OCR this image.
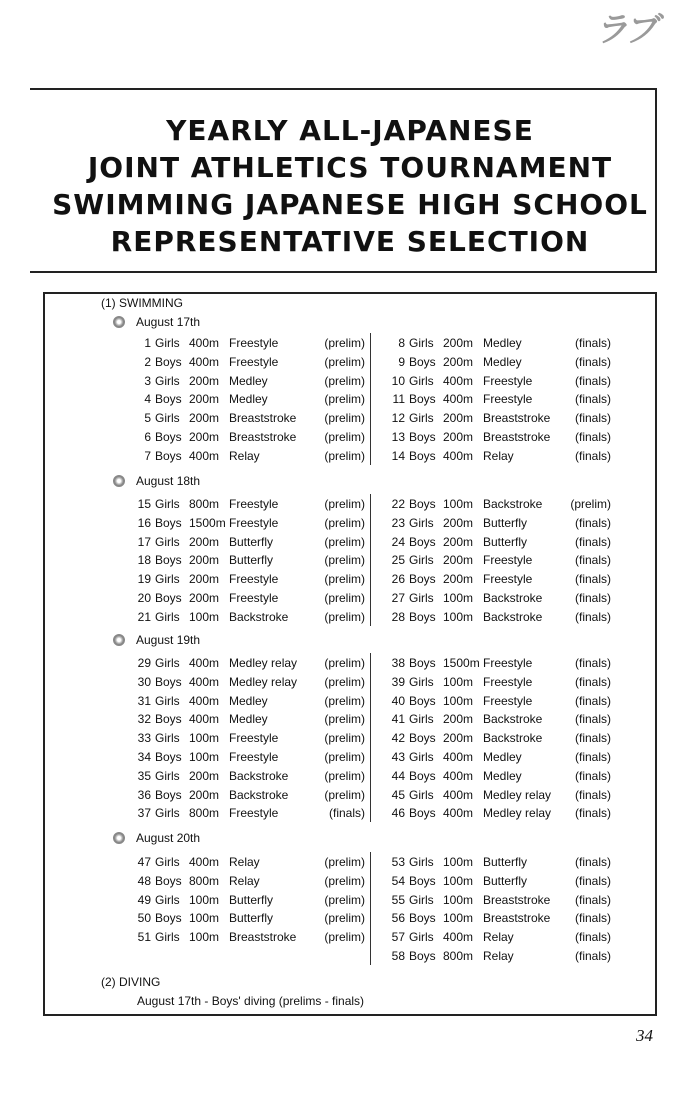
ラブ
YEARLY ALL-JAPANESE
JOINT ATHLETICS TOURNAMENT
SWIMMING JAPANESE HIGH SCHOOL
REPRESENTATIVE SELECTION
(1) SWIMMING
August 17th
1 Girls 400m Freestyle	(prelim)
2 Boys 400m Freestyle	(prelim)
3 Girls 200m Medley	(prelim)
4 Boys 200m Medley	(prelim)
5 Girls 200m Breaststroke	(prelim)
6 Boys 200m Breaststroke	(prelim)
7 Boys 400m Relay	(prelim)
8 Girls 200m Medley	(finals)
9 Boys 200m Medley	(finals)
10 Girls 400m Freestyle	(finals)
11 Boys 400m Freestyle	(finals)
12 Girls 200m Breaststroke	(finals)
13 Boys 200m Breaststroke	(finals)
14 Boys 400m Relay	(finals)
August 18th
15 Girls 800m Freestyle	(prelim)
16 Boys 1500m Freestyle	(prelim)
17 Girls 200m Butterfly	(prelim)
18 Boys 200m Butterfly	(prelim)
19 Girls 200m Freestyle	(prelim)
20 Boys 200m Freestyle	(prelim)
21 Girls 100m Backstroke	(prelim)
22 Boys 100m Backstroke	(prelim)
23 Girls 200m Butterfly	(finals)
24 Boys 200m Butterfly	(finals)
25 Girls 200m Freestyle	(finals)
26 Boys 200m Freestyle	(finals)
27 Girls 100m Backstroke	(finals)
28 Boys 100m Backstroke	(finals)
August 19th
29 Girls 400m Medley relay	(prelim)
30 Boys 400m Medley relay	(prelim)
31 Girls 400m Medley	(prelim)
32 Boys 400m Medley	(prelim)
33 Girls 100m Freestyle	(prelim)
34 Boys 100m Freestyle	(prelim)
35 Girls 200m Backstroke	(prelim)
36 Boys 200m Backstroke	(prelim)
37 Girls 800m Freestyle	(finals)
38 Boys 1500m Freestyle	(finals)
39 Girls 100m Freestyle	(finals)
40 Boys 100m Freestyle	(finals)
41 Girls 200m Backstroke	(finals)
42 Boys 200m Backstroke	(finals)
43 Girls 400m Medley	(finals)
44 Boys 400m Medley	(finals)
45 Girls 400m Medley relay	(finals)
46 Boys 400m Medley relay	(finals)
August 20th
47 Girls 400m Relay	(prelim)
48 Boys 800m Relay	(prelim)
49 Girls 100m Butterfly	(prelim)
50 Boys 100m Butterfly	(prelim)
51 Girls 100m Breaststroke	(prelim)
53 Girls 100m Butterfly	(finals)
54 Boys 100m Butterfly	(finals)
55 Girls 100m Breaststroke	(finals)
56 Boys 100m Breaststroke	(finals)
57 Girls 400m Relay	(finals)
58 Boys 800m Relay	(finals)
(2) DIVING
August 17th - Boys' diving (prelims - finals)
34
